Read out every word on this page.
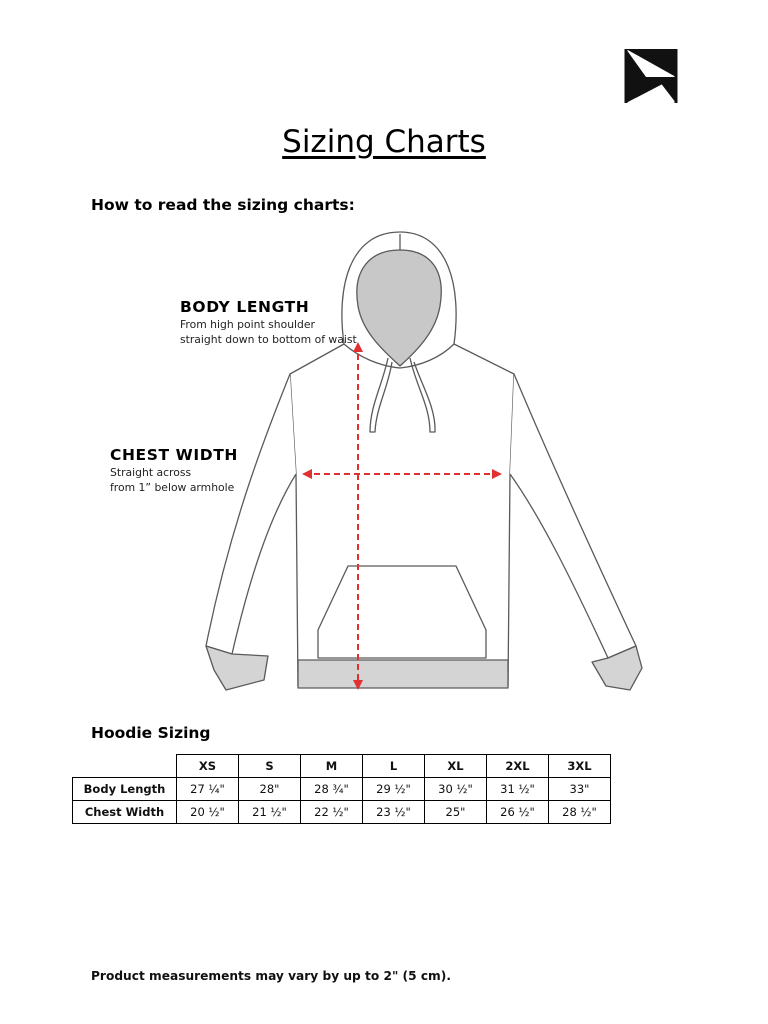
Sizing Charts
How to read the sizing charts:
BODY LENGTH
From high point shoulder
straight down to bottom of waist
CHEST WIDTH
Straight across
from 1” below armhole
Hoodie Sizing
	XS	S	M	L	XL	2XL	3XL
Body Length	27 ¼"	28"	28 ¾"	29 ½"	30 ½"	31 ½"	33"
Chest Width	20 ½"	21 ½"	22 ½"	23 ½"	25"	26 ½"	28 ½"
Product measurements may vary by up to 2" (5 cm).
